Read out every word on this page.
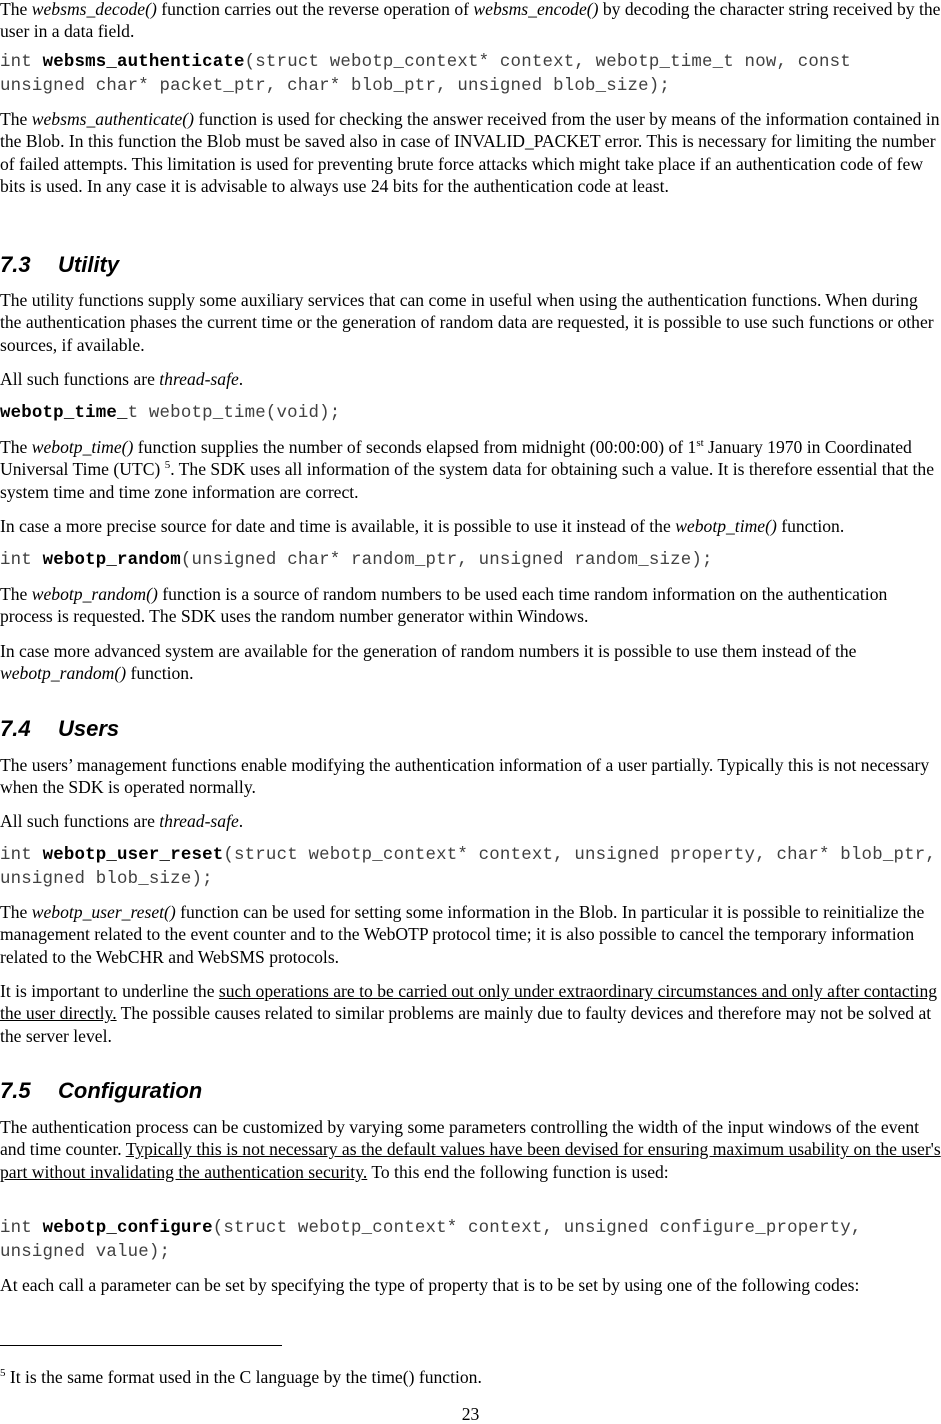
The websms_decode() function carries out the reverse operation of websms_encode() by decoding the character string received by the user in a data field.

int websms_authenticate(struct webotp_context* context, webotp_time_t now, const unsigned char* packet_ptr, char* blob_ptr, unsigned blob_size);

The websms_authenticate() function is used for checking the answer received from the user by means of the information contained in the Blob. In this function the Blob must be saved also in case of INVALID_PACKET error. This is necessary for limiting the number of failed attempts. This limitation is used for preventing brute force attacks which might take place if an authentication code of few bits is used. In any case it is advisable to always use 24 bits for the authentication code at least.

7.3 Utility

The utility functions supply some auxiliary services that can come in useful when using the authentication functions. When during the authentication phases the current time or the generation of random data are requested, it is possible to use such functions or other sources, if available.

All such functions are thread-safe.

webotp_time_t webotp_time(void);

The webotp_time() function supplies the number of seconds elapsed from midnight (00:00:00) of 1st January 1970 in Coordinated Universal Time (UTC) $^5$. The SDK uses all information of the system data for obtaining such a value. It is therefore essential that the system time and time zone information are correct.

In case a more precise source for date and time is available, it is possible to use it instead of the webotp_time() function.

int webotp_random(unsigned char* random_ptr, unsigned random_size);

The webotp_random() function is a source of random numbers to be used each time random information on the authentication process is requested. The SDK uses the random number generator within Windows.

In case more advanced system are available for the generation of random numbers it is possible to use them instead of the webotp_random() function.

7.4 Users

The users’ management functions enable modifying the authentication information of a user partially. Typically this is not necessary when the SDK is operated normally.

All such functions are thread-safe.

int webotp_user_reset(struct webotp_context* context, unsigned property, char* blob_ptr, unsigned blob_size);

The webotp_user_reset() function can be used for setting some information in the Blob. In particular it is possible to reinitialize the management related to the event counter and to the WebOTP protocol time; it is also possible to cancel the temporary information related to the WebCHR and WebSMS protocols.

It is important to underline the such operations are to be carried out only under extraordinary circumstances and only after contacting the user directly. The possible causes related to similar problems are mainly due to faulty devices and therefore may not be solved at the server level.

7.5 Configuration

The authentication process can be customized by varying some parameters controlling the width of the input windows of the event and time counter. Typically this is not necessary as the default values have been devised for ensuring maximum usability on the user's part without invalidating the authentication security. To this end the following function is used:

int webotp_configure(struct webotp_context* context, unsigned configure_property, unsigned value);

At each call a parameter can be set by specifying the type of property that is to be set by using one of the following codes:

$^5$ It is the same format used in the C language by the time() function.

23
